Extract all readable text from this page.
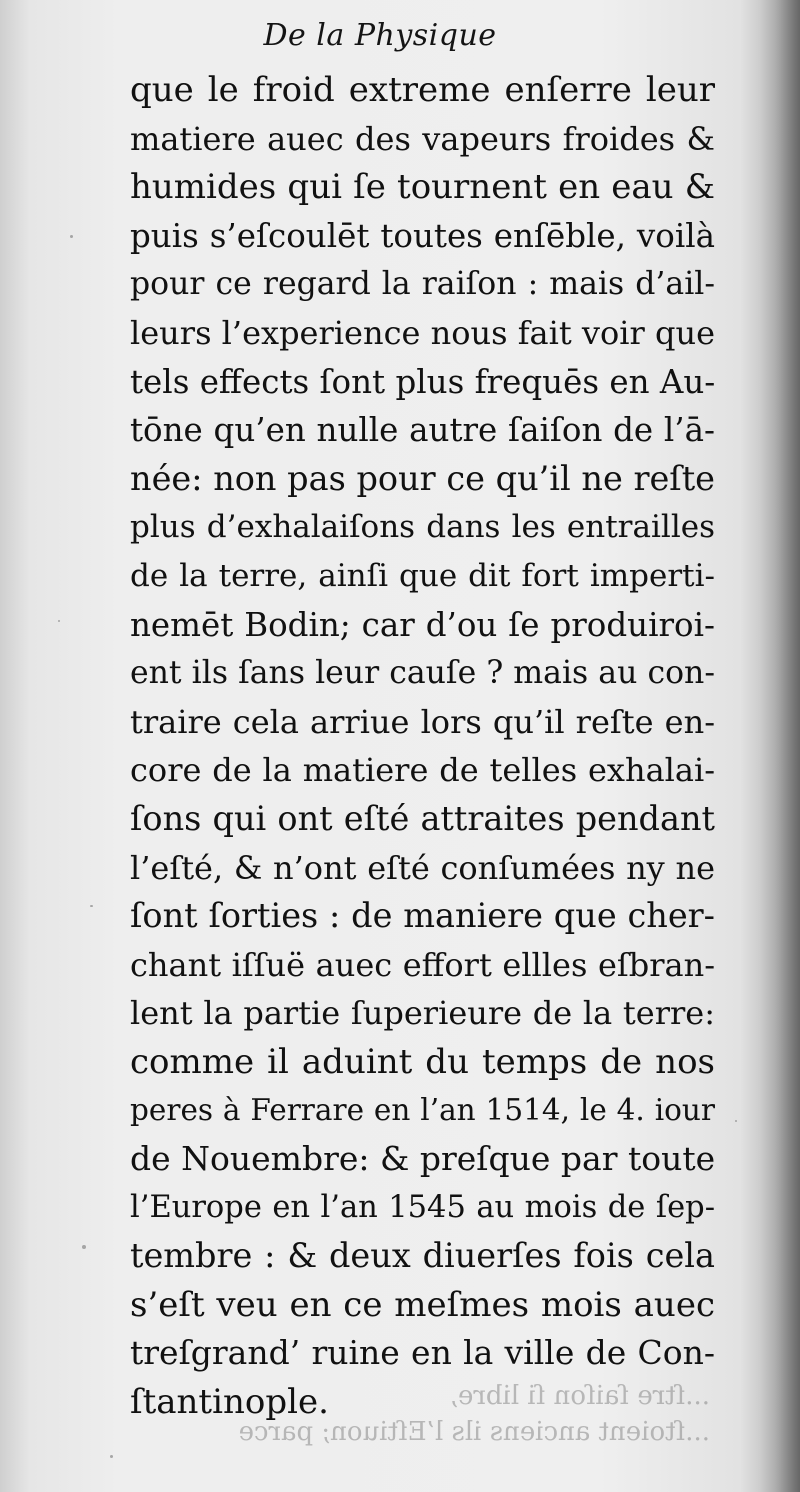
De la Physique
que le froid extreme enſerre leur
matiere auec des vapeurs froides &
humides qui ſe tournent en eau &
puis s’eſcoulēt toutes enſēble, voilà
pour ce regard la raiſon : mais d’ail-
leurs l’experience nous fait voir que
tels effects ſont plus frequēs en Au-
tōne qu’en nulle autre ſaiſon de l’ā-
née: non pas pour ce qu’il ne reſte
plus d’exhalaiſons dans les entrailles
de la terre, ainſi que dit fort imperti-
nemēt Bodin; car d’ou ſe produiroi-
ent ils ſans leur cauſe ? mais au con-
traire cela arriue lors qu’il reſte en-
core de la matiere de telles exhalai-
ſons qui ont eſté attraites pendant
l’eſté, & n’ont eſté conſumées ny ne
ſont ſorties : de maniere que cher-
chant iſſuë auec effort ellles eſbran-
lent la partie ſuperieure de la terre:
comme il aduint du temps de nos
peres à Ferrare en l’an 1514, le 4. iour
de Nouembre: & preſque par toute
l’Europe en l’an 1545 au mois de ſep-
tembre : & deux diuerſes fois cela
s’eſt veu en ce meſmes mois auec
treſgrand’ ruine en la ville de Con-
ſtantinople.	...ſtre ſaiſon ſi libre,
...ſtoient anciens ils l’Eſtiuon; parce
